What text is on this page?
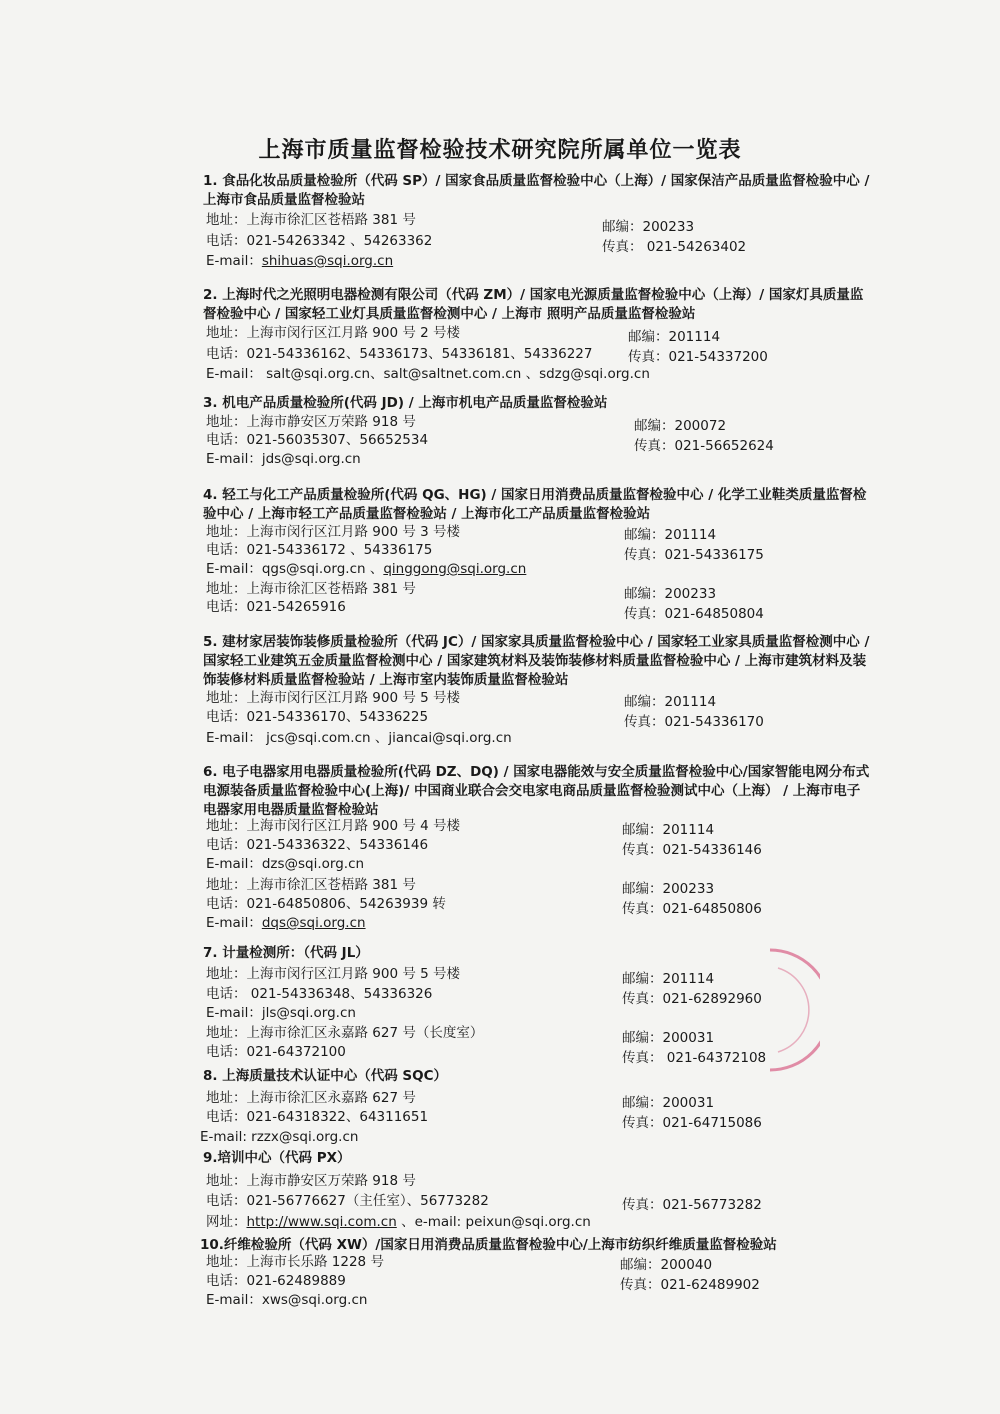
上海市质量监督检验技术研究院所属单位一览表
1. 食品化妆品质量检验所（代码 SP）/ 国家食品质量监督检验中心（上海）/ 国家保洁产品质量监督检验中心 / 上海市食品质量监督检验站
地址：上海市徐汇区苍梧路 381 号
电话：021-54263342 、54263362
E-mail：shihuas@sqi.org.cn
邮编：200233
传真： 021-54263402
2. 上海时代之光照明电器检测有限公司（代码 ZM）/ 国家电光源质量监督检验中心（上海）/ 国家灯具质量监督检验中心 / 国家轻工业灯具质量监督检测中心 / 上海市 照明产品质量监督检验站
地址：上海市闵行区江月路 900 号 2 号楼
电话：021-54336162、54336173、54336181、54336227
E-mail： salt@sqi.org.cn、salt@saltnet.com.cn 、sdzg@sqi.org.cn
邮编：201114
传真：021-54337200
3. 机电产品质量检验所(代码 JD) / 上海市机电产品质量监督检验站
地址：上海市静安区万荣路 918 号
电话：021-56035307、56652534
E-mail：jds@sqi.org.cn
邮编：200072
传真：021-56652624
4. 轻工与化工产品质量检验所(代码 QG、HG) / 国家日用消费品质量监督检验中心 / 化学工业鞋类质量监督检验中心 / 上海市轻工产品质量监督检验站 / 上海市化工产品质量监督检验站
地址：上海市闵行区江月路 900 号 3 号楼
电话：021-54336172 、54336175
E-mail：qgs@sqi.org.cn 、qinggong@sqi.org.cn
地址：上海市徐汇区苍梧路 381 号
电话：021-54265916
邮编：201114
传真：021-54336175
邮编：200233
传真：021-64850804
5. 建材家居装饰装修质量检验所（代码 JC）/ 国家家具质量监督检验中心 / 国家轻工业家具质量监督检测中心 / 国家轻工业建筑五金质量监督检测中心 / 国家建筑材料及装饰装修材料质量监督检验中心 / 上海市建筑材料及装饰装修材料质量监督检验站 / 上海市室内装饰质量监督检验站
地址：上海市闵行区江月路 900 号 5 号楼
电话：021-54336170、54336225
E-mail： jcs@sqi.com.cn 、jiancai@sqi.org.cn
邮编：201114
传真：021-54336170
6. 电子电器家用电器质量检验所(代码 DZ、DQ) / 国家电器能效与安全质量监督检验中心/国家智能电网分布式电源装备质量监督检验中心(上海)/ 中国商业联合会交电家电商品质量监督检验测试中心（上海） / 上海市电子电器家用电器质量监督检验站
地址：上海市闵行区江月路 900 号 4 号楼
电话：021-54336322、54336146
E-mail：dzs@sqi.org.cn
地址：上海市徐汇区苍梧路 381 号
电话：021-64850806、54263939 转
E-mail：dqs@sqi.org.cn
邮编：201114
传真：021-54336146
邮编：200233
传真：021-64850806
7. 计量检测所：（代码 JL）
地址：上海市闵行区江月路 900 号 5 号楼
电话： 021-54336348、54336326
E-mail：jls@sqi.org.cn
地址：上海市徐汇区永嘉路 627 号（长度室）
电话：021-64372100
邮编：201114
传真：021-62892960
邮编：200031
传真： 021-64372108
8. 上海质量技术认证中心（代码 SQC）
地址：上海市徐汇区永嘉路 627 号
电话：021-64318322、64311651
E-mail: rzzx@sqi.org.cn
邮编：200031
传真：021-64715086
9.培训中心（代码 PX）
地址：上海市静安区万荣路 918 号
电话：021-56776627（主任室）、56773282
网址：http://www.sqi.com.cn 、e-mail: peixun@sqi.org.cn
传真：021-56773282
10.纤维检验所（代码 XW）/国家日用消费品质量监督检验中心/上海市纺织纤维质量监督检验站
地址：上海市长乐路 1228 号
电话：021-62489889
E-mail：xws@sqi.org.cn
邮编：200040
传真：021-62489902
